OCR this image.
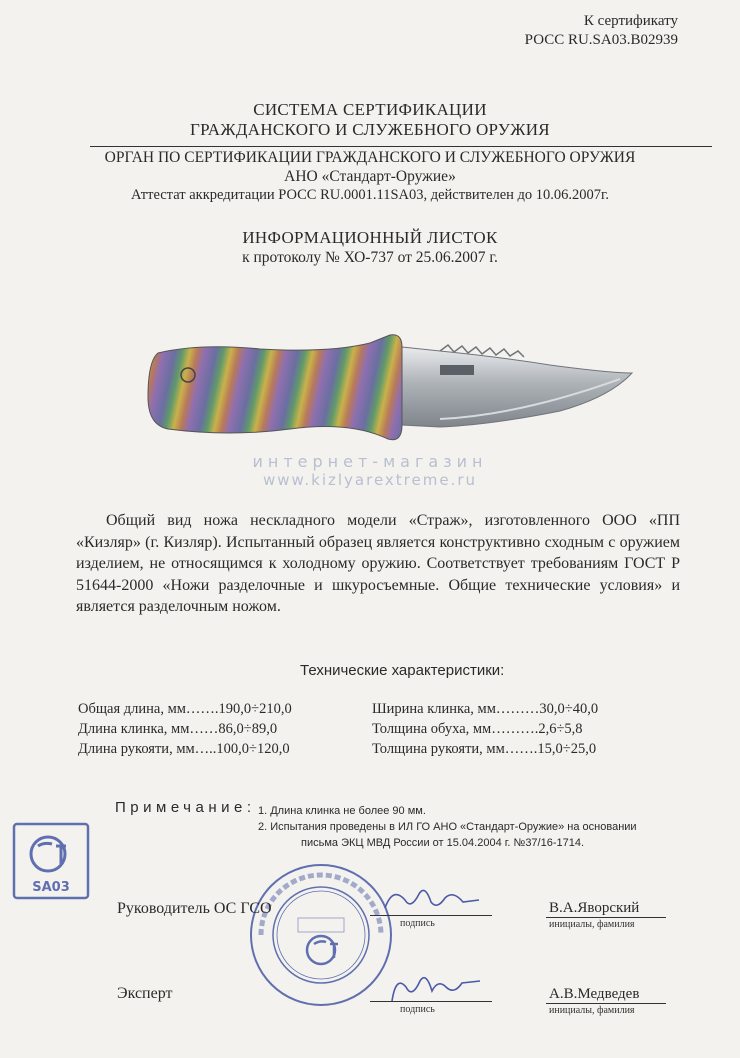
К сертификату
РОСС RU.SA03.B02939
СИСТЕМА СЕРТИФИКАЦИИ
ГРАЖДАНСКОГО И СЛУЖЕБНОГО ОРУЖИЯ
ОРГАН ПО СЕРТИФИКАЦИИ ГРАЖДАНСКОГО И СЛУЖЕБНОГО ОРУЖИЯ
АНО «Стандарт-Оружие»
Аттестат аккредитации РОСС RU.0001.11SA03, действителен до 10.06.2007г.
ИНФОРМАЦИОННЫЙ ЛИСТОК
к протоколу № ХО-737 от 25.06.2007 г.
интернет-магазин
www.kizlyarextreme.ru
Общий вид ножа нескладного модели «Страж», изготовленного ООО «ПП «Кизляр» (г. Кизляр). Испытанный образец является конструктивно сходным с оружием изделием, не относящимся к холодному оружию. Соответствует требованиям ГОСТ Р 51644-2000 «Ножи разделочные и шкуросъемные. Общие технические условия» и является разделочным ножом.
Технические характеристики:
Общая длина, мм…….190,0÷210,0
Длина клинка, мм……86,0÷89,0
Длина рукояти, мм…..100,0÷120,0
Ширина клинка, мм………30,0÷40,0
Толщина обуха, мм……….2,6÷5,8
Толщина рукояти, мм…….15,0÷25,0
Примечание: 1. Длина клинка не более 90 мм.
2. Испытания проведены в ИЛ ГО АНО «Стандарт-Оружие» на основании
письма ЭКЦ МВД России от 15.04.2004 г. №37/16-1714.
SA03
Руководитель ОС ГСО
подпись
В.А.Яворский
инициалы, фамилия
Эксперт
подпись
А.В.Медведев
инициалы, фамилия
